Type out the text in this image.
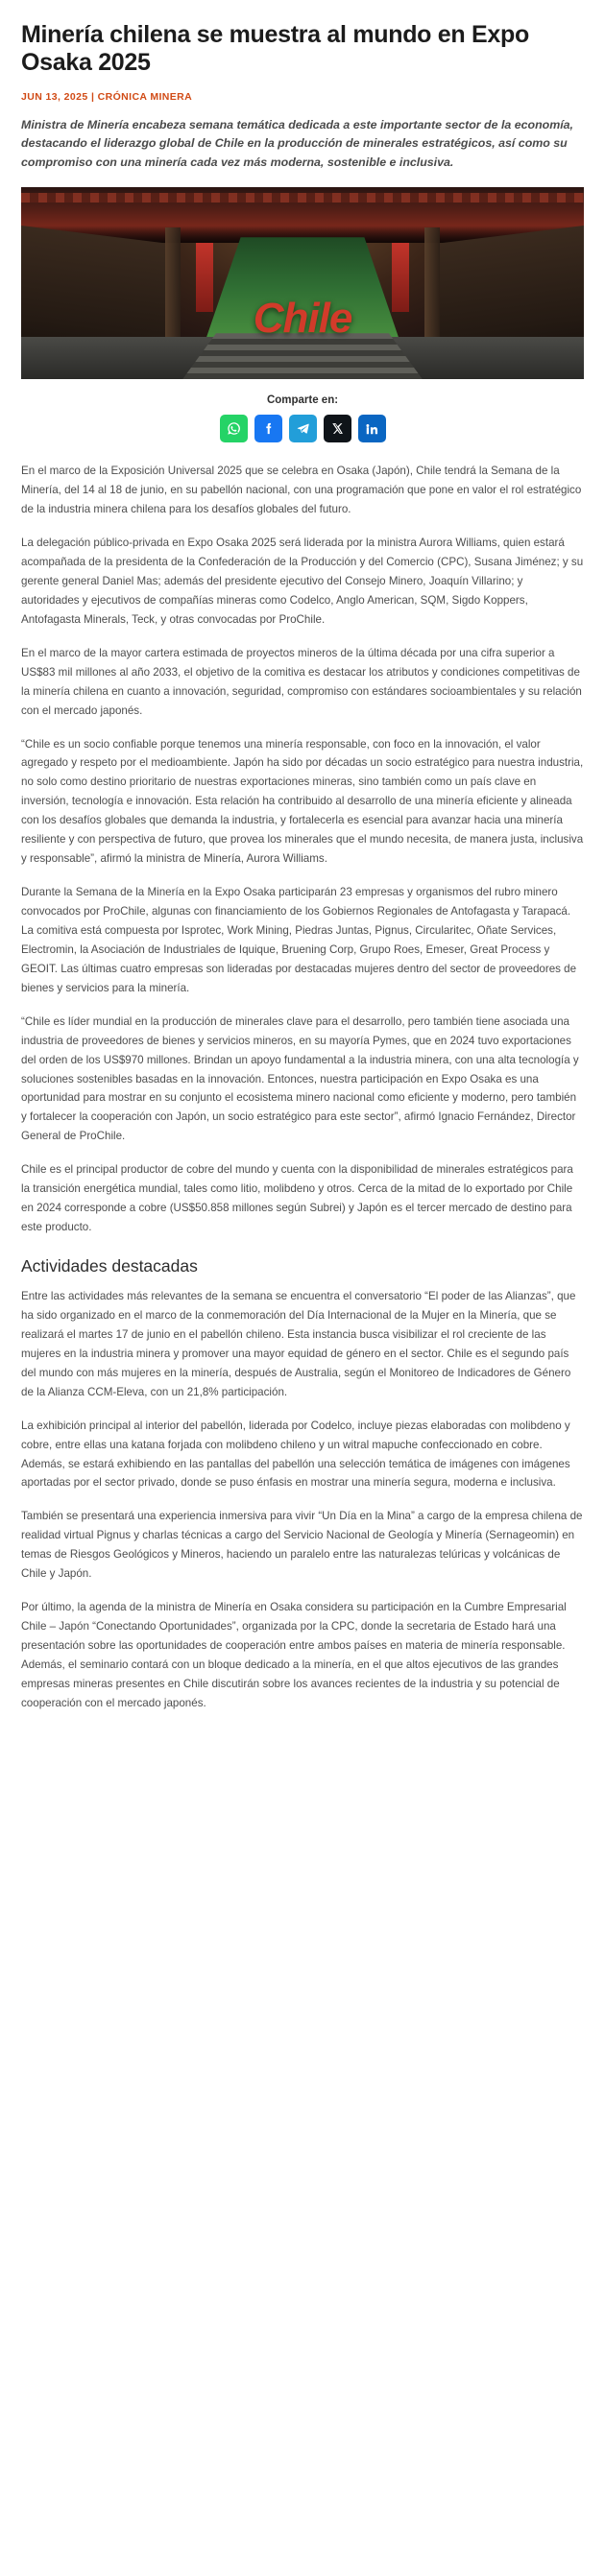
Minería chilena se muestra al mundo en Expo Osaka 2025
JUN 13, 2025 | CRÓNICA MINERA

Ministra de Minería encabeza semana temática dedicada a este importante sector de la economía, destacando el liderazgo global de Chile en la producción de minerales estratégicos, así como su compromiso con una minería cada vez más moderna, sostenible e inclusiva.

Chile
Comparte en:

En el marco de la Exposición Universal 2025 que se celebra en Osaka (Japón), Chile tendrá la Semana de la Minería, del 14 al 18 de junio, en su pabellón nacional, con una programación que pone en valor el rol estratégico de la industria minera chilena para los desafíos globales del futuro.

La delegación público-privada en Expo Osaka 2025 será liderada por la ministra Aurora Williams, quien estará acompañada de la presidenta de la Confederación de la Producción y del Comercio (CPC), Susana Jiménez; y su gerente general Daniel Mas; además del presidente ejecutivo del Consejo Minero, Joaquín Villarino; y autoridades y ejecutivos de compañías mineras como Codelco, Anglo American, SQM, Sigdo Koppers, Antofagasta Minerals, Teck, y otras convocadas por ProChile.

En el marco de la mayor cartera estimada de proyectos mineros de la última década por una cifra superior a US$83 mil millones al año 2033, el objetivo de la comitiva es destacar los atributos y condiciones competitivas de la minería chilena en cuanto a innovación, seguridad, compromiso con estándares socioambientales y su relación con el mercado japonés.

“Chile es un socio confiable porque tenemos una minería responsable, con foco en la innovación, el valor agregado y respeto por el medioambiente. Japón ha sido por décadas un socio estratégico para nuestra industria, no solo como destino prioritario de nuestras exportaciones mineras, sino también como un país clave en inversión, tecnología e innovación. Esta relación ha contribuido al desarrollo de una minería eficiente y alineada con los desafíos globales que demanda la industria, y fortalecerla es esencial para avanzar hacia una minería resiliente y con perspectiva de futuro, que provea los minerales que el mundo necesita, de manera justa, inclusiva y responsable”, afirmó la ministra de Minería, Aurora Williams.

Durante la Semana de la Minería en la Expo Osaka participarán 23 empresas y organismos del rubro minero convocados por ProChile, algunas con financiamiento de los Gobiernos Regionales de Antofagasta y Tarapacá. La comitiva está compuesta por Isprotec, Work Mining, Piedras Juntas, Pignus, Circularitec, Oñate Services, Electromin, la Asociación de Industriales de Iquique, Bruening Corp, Grupo Roes, Emeser, Great Process y GEOIT. Las últimas cuatro empresas son lideradas por destacadas mujeres dentro del sector de proveedores de bienes y servicios para la minería.

“Chile es líder mundial en la producción de minerales clave para el desarrollo, pero también tiene asociada una industria de proveedores de bienes y servicios mineros, en su mayoría Pymes, que en 2024 tuvo exportaciones del orden de los US$970 millones. Brindan un apoyo fundamental a la industria minera, con una alta tecnología y soluciones sostenibles basadas en la innovación. Entonces, nuestra participación en Expo Osaka es una oportunidad para mostrar en su conjunto el ecosistema minero nacional como eficiente y moderno, pero también y fortalecer la cooperación con Japón, un socio estratégico para este sector”, afirmó Ignacio Fernández, Director General de ProChile.

Chile es el principal productor de cobre del mundo y cuenta con la disponibilidad de minerales estratégicos para la transición energética mundial, tales como litio, molibdeno y otros. Cerca de la mitad de lo exportado por Chile en 2024 corresponde a cobre (US$50.858 millones según Subrei) y Japón es el tercer mercado de destino para este producto.

Actividades destacadas

Entre las actividades más relevantes de la semana se encuentra el conversatorio “El poder de las Alianzas”, que ha sido organizado en el marco de la conmemoración del Día Internacional de la Mujer en la Minería, que se realizará el martes 17 de junio en el pabellón chileno. Esta instancia busca visibilizar el rol creciente de las mujeres en la industria minera y promover una mayor equidad de género en el sector. Chile es el segundo país del mundo con más mujeres en la minería, después de Australia, según el Monitoreo de Indicadores de Género de la Alianza CCM-Eleva, con un 21,8% participación.

La exhibición principal al interior del pabellón, liderada por Codelco, incluye piezas elaboradas con molibdeno y cobre, entre ellas una katana forjada con molibdeno chileno y un witral mapuche confeccionado en cobre. Además, se estará exhibiendo en las pantallas del pabellón una selección temática de imágenes con imágenes aportadas por el sector privado, donde se puso énfasis en mostrar una minería segura, moderna e inclusiva.

También se presentará una experiencia inmersiva para vivir “Un Día en la Mina” a cargo de la empresa chilena de realidad virtual Pignus y charlas técnicas a cargo del Servicio Nacional de Geología y Minería (Sernageomin) en temas de Riesgos Geológicos y Mineros, haciendo un paralelo entre las naturalezas telúricas y volcánicas de Chile y Japón.

Por último, la agenda de la ministra de Minería en Osaka considera su participación en la Cumbre Empresarial Chile – Japón “Conectando Oportunidades”, organizada por la CPC, donde la secretaria de Estado hará una presentación sobre las oportunidades de cooperación entre ambos países en materia de minería responsable. Además, el seminario contará con un bloque dedicado a la minería, en el que altos ejecutivos de las grandes empresas mineras presentes en Chile discutirán sobre los avances recientes de la industria y su potencial de cooperación con el mercado japonés.
